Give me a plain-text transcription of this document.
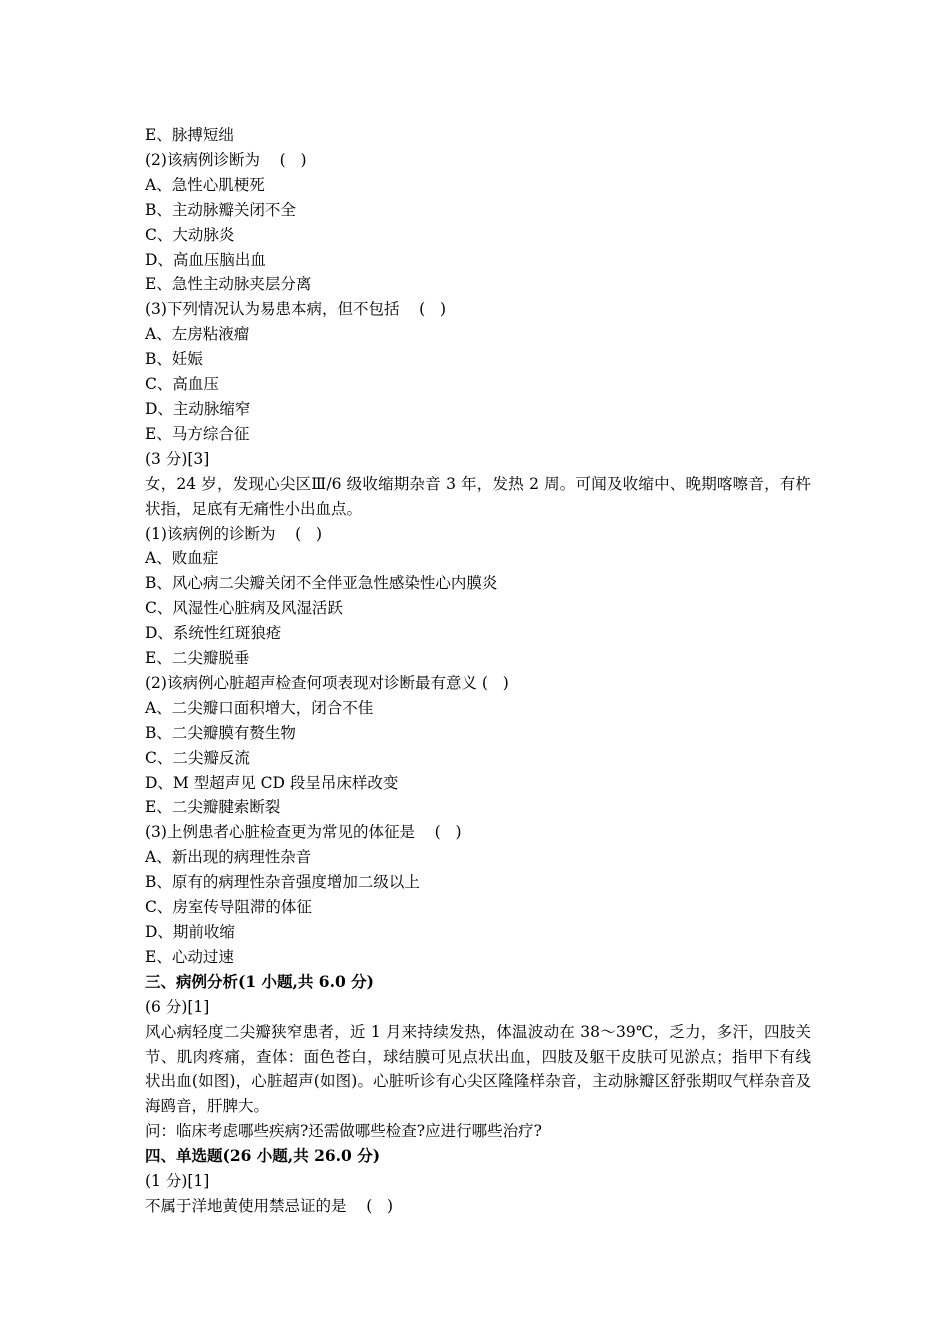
E、脉搏短绌
(2)该病例诊断为    (   )
A、急性心肌梗死
B、主动脉瓣关闭不全
C、大动脉炎
D、高血压脑出血
E、急性主动脉夹层分离
(3)下列情况认为易患本病，但不包括    (   )
A、左房粘液瘤
B、妊娠
C、高血压
D、主动脉缩窄
E、马方综合征
(3 分)[3]
女，24 岁，发现心尖区Ⅲ/6 级收缩期杂音 3 年，发热 2 周。可闻及收缩中、晚期喀嚓音，有杵状指，足底有无痛性小出血点。
(1)该病例的诊断为    (   )
A、败血症
B、风心病二尖瓣关闭不全伴亚急性感染性心内膜炎
C、风湿性心脏病及风湿活跃
D、系统性红斑狼疮
E、二尖瓣脱垂
(2)该病例心脏超声检查何项表现对诊断最有意义 (   )
A、二尖瓣口面积增大，闭合不佳
B、二尖瓣膜有赘生物
C、二尖瓣反流
D、M 型超声见 CD 段呈吊床样改变
E、二尖瓣腱索断裂
(3)上例患者心脏检查更为常见的体征是    (   )
A、新出现的病理性杂音
B、原有的病理性杂音强度增加二级以上
C、房室传导阻滞的体征
D、期前收缩
E、心动过速
三、病例分析(1 小题,共 6.0 分)
(6 分)[1]
风心病轻度二尖瓣狭窄患者，近 1 月来持续发热，体温波动在 38～39℃，乏力，多汗，四肢关节、肌肉疼痛，查体：面色苍白，球结膜可见点状出血，四肢及躯干皮肤可见淤点；指甲下有线状出血(如图)，心脏超声(如图)。心脏听诊有心尖区隆隆样杂音，主动脉瓣区舒张期叹气样杂音及海鸥音，肝脾大。
问：临床考虑哪些疾病?还需做哪些检查?应进行哪些治疗?
四、单选题(26 小题,共 26.0 分)
(1 分)[1]
不属于洋地黄使用禁忌证的是    (   )
